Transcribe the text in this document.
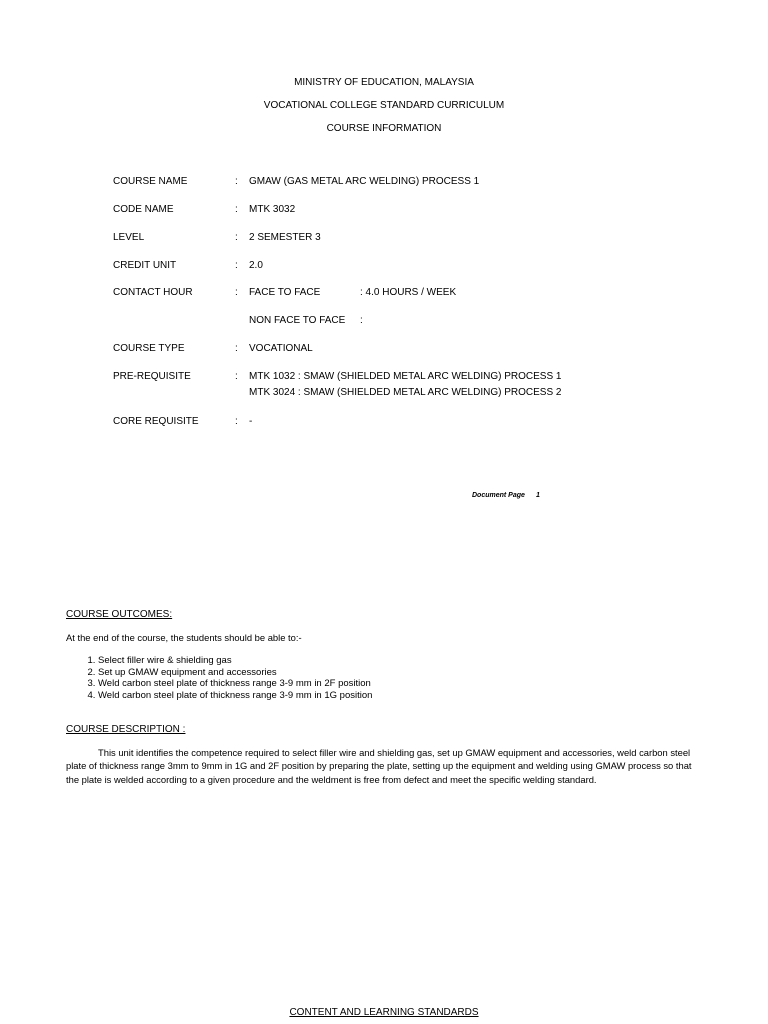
MINISTRY OF EDUCATION, MALAYSIA
VOCATIONAL COLLEGE STANDARD CURRICULUM
COURSE INFORMATION
COURSE NAME	: GMAW (GAS METAL ARC WELDING) PROCESS 1
CODE NAME	: MTK 3032
LEVEL	: 2 SEMESTER 3
CREDIT UNIT	: 2.0
CONTACT HOUR	: FACE TO FACE	: 4.0 HOURS / WEEK
NON FACE TO FACE :
COURSE TYPE	: VOCATIONAL
PRE-REQUISITE	: MTK 1032 : SMAW (SHIELDED METAL ARC WELDING) PROCESS 1
MTK 3024 : SMAW (SHIELDED METAL ARC WELDING) PROCESS 2
CORE REQUISITE	: -
Document Page 1
COURSE OUTCOMES:
At the end of the course, the students should be able to:-
1. Select filler wire & shielding gas
2. Set up GMAW equipment and accessories
3. Weld carbon steel plate of thickness range 3-9 mm in 2F position
4. Weld carbon steel plate of thickness range 3-9 mm in 1G position
COURSE DESCRIPTION :
This unit identifies the competence required to select filler wire and shielding gas, set up GMAW equipment and accessories, weld carbon steel plate of thickness range 3mm to 9mm in 1G and 2F position by preparing the plate, setting up the equipment and welding using GMAW process so that the plate is welded according to a given procedure and the weldment is free from defect and meet the specific welding standard.
CONTENT AND LEARNING STANDARDS
